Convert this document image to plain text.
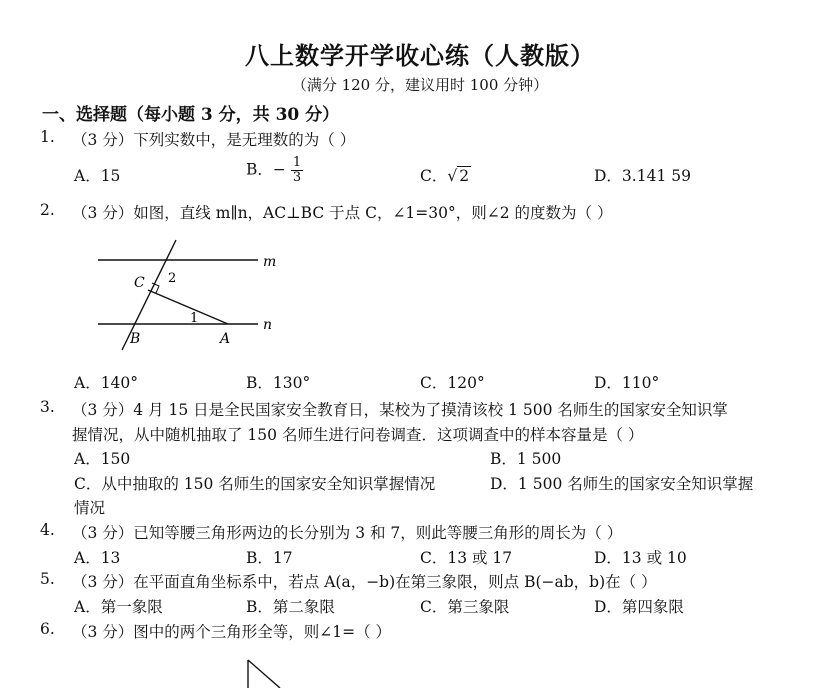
八上数学开学收心练（人教版）
（满分 120 分，建议用时 100 分钟）
一、选择题（每小题 3 分，共 30 分）
1. （3 分）下列实数中，是无理数的为（ ）
A．15	B．− $\frac{1}{3}$	C．√ 2	D．3.141 59
2. （3 分）如图，直线 m∥n，AC⊥BC 于点 C，∠1=30°，则∠2 的度数为（ ）
m
n
C
B	A
1
2
A．140°	B．130°	C．120°	D．110°
3. （3 分）4 月 15 日是全民国家安全教育日，某校为了摸清该校 1 500 名师生的国家安全知识掌
握情况，从中随机抽取了 150 名师生进行问卷调查．这项调查中的样本容量是（ ）
A．150	B．1 500
C．从中抽取的 150 名师生的国家安全知识掌握情况	D．1 500 名师生的国家安全知识掌握
情况
4. （3 分）已知等腰三角形两边的长分别为 3 和 7，则此等腰三角形的周长为（ ）
A．13	B．17	C．13 或 17	D．13 或 10
5. （3 分）在平面直角坐标系中，若点 A(a，−b)在第三象限，则点 B(−ab，b)在（ ）
A．第一象限	B．第二象限	C．第三象限	D．第四象限
6. （3 分）图中的两个三角形全等，则∠1=（ ）
